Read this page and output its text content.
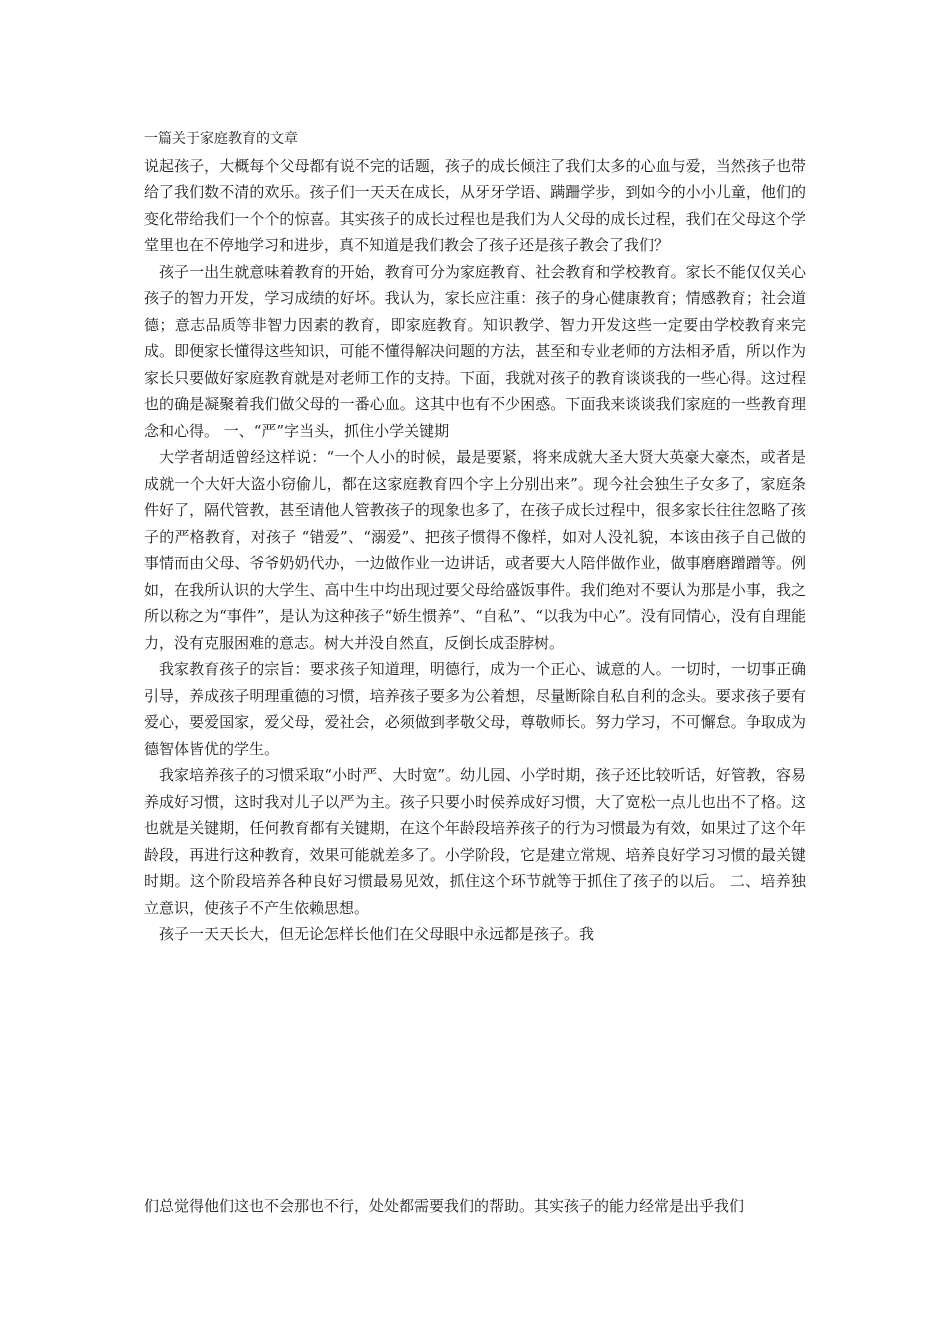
一篇关于家庭教育的文章

说起孩子，大概每个父母都有说不完的话题，孩子的成长倾注了我们太多的心血与爱，当然孩子也带给了我们数不清的欢乐。孩子们一天天在成长，从牙牙学语、蹒跚学步，到如今的小小儿童，他们的变化带给我们一个个的惊喜。其实孩子的成长过程也是我们为人父母的成长过程，我们在父母这个学堂里也在不停地学习和进步，真不知道是我们教会了孩子还是孩子教会了我们？

孩子一出生就意味着教育的开始，教育可分为家庭教育、社会教育和学校教育。家长不能仅仅关心孩子的智力开发，学习成绩的好坏。我认为，家长应注重：孩子的身心健康教育；情感教育；社会道德；意志品质等非智力因素的教育，即家庭教育。知识教学、智力开发这些一定要由学校教育来完成。即便家长懂得这些知识，可能不懂得解决问题的方法，甚至和专业老师的方法相矛盾，所以作为家长只要做好家庭教育就是对老师工作的支持。下面，我就对孩子的教育谈谈我的一些心得。这过程也的确是凝聚着我们做父母的一番心血。这其中也有不少困惑。下面我来谈谈我们家庭的一些教育理念和心得。 一、“严”字当头，抓住小学关键期

大学者胡适曾经这样说：“一个人小的时候，最是要紧，将来成就大圣大贤大英豪大豪杰，或者是成就一个大奸大盗小窃偷儿，都在这家庭教育四个字上分别出来”。现今社会独生子女多了，家庭条件好了，隔代管教，甚至请他人管教孩子的现象也多了，在孩子成长过程中，很多家长往往忽略了孩子的严格教育，对孩子 “错爱”、“溺爱”、把孩子惯得不像样，如对人没礼貌，本该由孩子自己做的事情而由父母、爷爷奶奶代办，一边做作业一边讲话，或者要大人陪伴做作业，做事磨磨蹭蹭等。例如，在我所认识的大学生、高中生中均出现过要父母给盛饭事件。我们绝对不要认为那是小事，我之所以称之为“事件”，是认为这种孩子“娇生惯养”、“自私”、“以我为中心”。没有同情心，没有自理能力，没有克服困难的意志。树大并没自然直，反倒长成歪脖树。

我家教育孩子的宗旨：要求孩子知道理，明德行，成为一个正心、诚意的人。一切时，一切事正确引导，养成孩子明理重德的习惯，培养孩子要多为公着想，尽量断除自私自利的念头。要求孩子要有爱心，要爱国家，爱父母，爱社会，必须做到孝敬父母，尊敬师长。努力学习，不可懈怠。争取成为德智体皆优的学生。

我家培养孩子的习惯采取“小时严、大时宽”。幼儿园、小学时期，孩子还比较听话，好管教，容易养成好习惯，这时我对儿子以严为主。孩子只要小时侯养成好习惯，大了宽松一点儿也出不了格。这也就是关键期，任何教育都有关键期，在这个年龄段培养孩子的行为习惯最为有效，如果过了这个年龄段，再进行这种教育，效果可能就差多了。小学阶段，它是建立常规、培养良好学习习惯的最关键时期。这个阶段培养各种良好习惯最易见效，抓住这个环节就等于抓住了孩子的以后。 二、培养独立意识，使孩子不产生依赖思想。

孩子一天天长大，但无论怎样长他们在父母眼中永远都是孩子。我

们总觉得他们这也不会那也不行，处处都需要我们的帮助。其实孩子的能力经常是出乎我们
